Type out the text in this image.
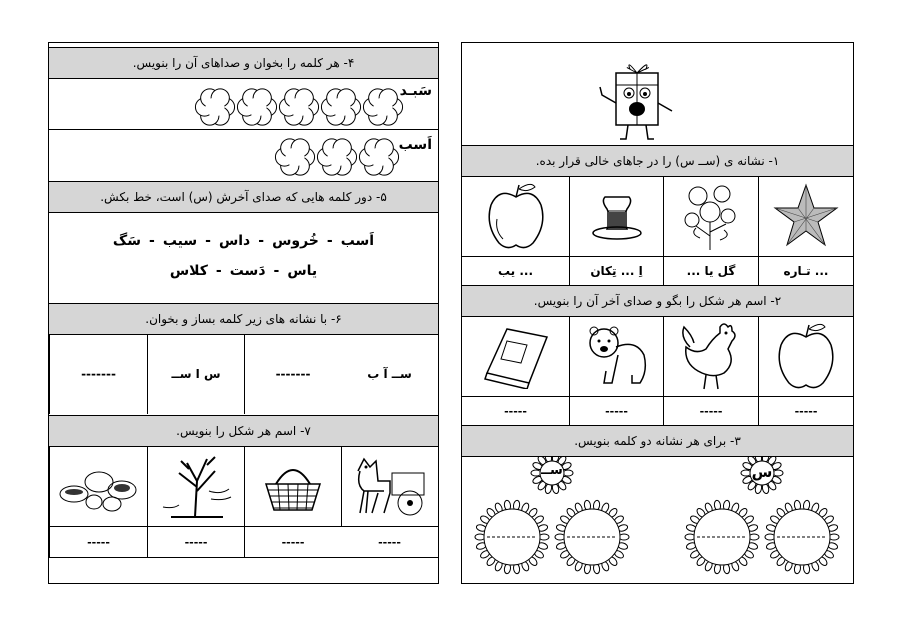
۴- هر کلمه را بخوان و صداهای آن را بنویس.
سَبـد
اَسب
۵- دور کلمه هایی که صدای آخرش (س) است، خط بکش.
اَسب-خُروس-داس-سیب-سَگ
یاس-دَست-کلاس
۶- با نشانه های زیر کلمه بساز و بخوان.
ســ آ ب
-------
س ا ســ
-------
۷- اسم هر شکل را بنویس.
-----
-----
-----
-----
۱- نشانه ی (ســ س) را در جاهای خالی قرار بده.
... تـاره
گل یا ...
اِ ... تِکان
... یب
۲- اسم هر شکل را بگو و صدای آخر آن را بنویس.
-----
-----
-----
-----
۳- برای هر نشانه دو کلمه بنویس.
س
ســ
